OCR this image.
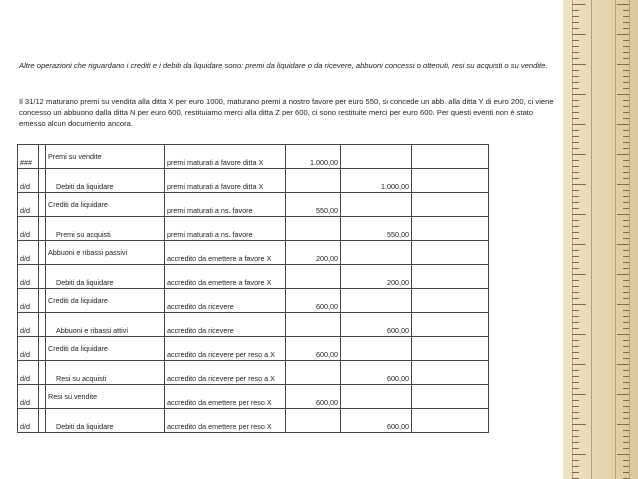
Altre operazioni che riguardano i crediti e i debiti da liquidare sono: premi da liquidare o da ricevere, abbuoni concessi o ottenuti, resi su acquisti o su vendite.
Il 31/12 maturano premi su vendita alla ditta X per euro 1000, maturano premi a nostro favore per euro 550, si concede un abb. alla ditta Y di euro 200, ci viene concesso un abbuono dalla ditta N per euro 600, restituiamo merci alla ditta Z per 600, ci sono restituite merci per euro 600. Per questi eventi non è stato emesso alcun documento ancora.
###		Premi su vendite	premi maturati a favore ditta X	1.000,00		
d/d		Debiti da liquidare	premi maturati a favore ditta X		1.000,00	
d/d		Crediti da liquidare	premi maturati a ns. favore	550,00		
d/d		Premi su acquisti	premi maturati a ns. favore		550,00	
d/d		Abbuoni e ribassi passivi	accredito da emettere a favore X	200,00		
d/d		Debiti da liquidare	accredito da emettere a favore X		200,00	
d/d		Crediti da liquidare	accredito da ricevere	600,00		
d/d		Abbuoni e ribassi attivi	accredito da ricevere		600,00	
d/d		Crediti da liquidare	accredito da ricevere per reso a X	600,00		
d/d		Resi su acquisti	accredito da ricevere per reso a X		600,00	
d/d		Resi su vendite	accredito da emettere per reso X	600,00		
d/d		Debiti da liquidare	accredito da emettere per reso X		600,00	
